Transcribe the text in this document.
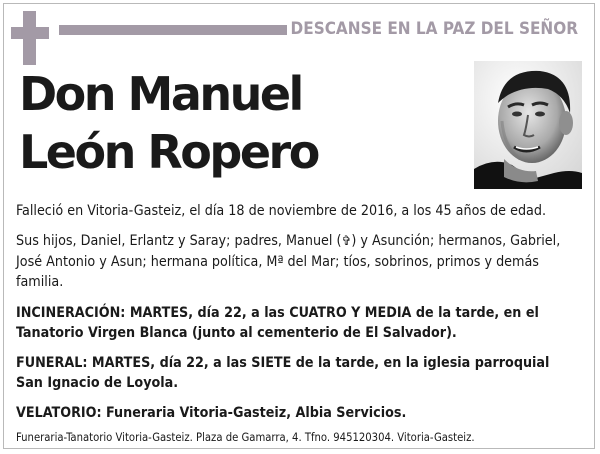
DESCANSE EN LA PAZ DEL SEÑOR
Don Manuel
León Ropero
Falleció en Vitoria-Gasteiz, el día 18 de noviembre de 2016, a los 45 años de edad.
Sus hijos, Daniel, Erlantz y Saray; padres, Manuel (✞) y Asunción; hermanos, Gabriel, José Antonio y Asun; hermana política, Mª del Mar; tíos, sobrinos, primos y demás familia.
INCINERACIÓN: MARTES, día 22, a las CUATRO Y MEDIA de la tarde, en el Tanatorio Virgen Blanca (junto al cementerio de El Salvador).
FUNERAL: MARTES, día 22, a las SIETE de la tarde, en la iglesia parroquial San Ignacio de Loyola.
VELATORIO: Funeraria Vitoria-Gasteiz, Albia Servicios.
Funeraria-Tanatorio Vitoria-Gasteiz. Plaza de Gamarra, 4. Tfno. 945120304. Vitoria-Gasteiz.
